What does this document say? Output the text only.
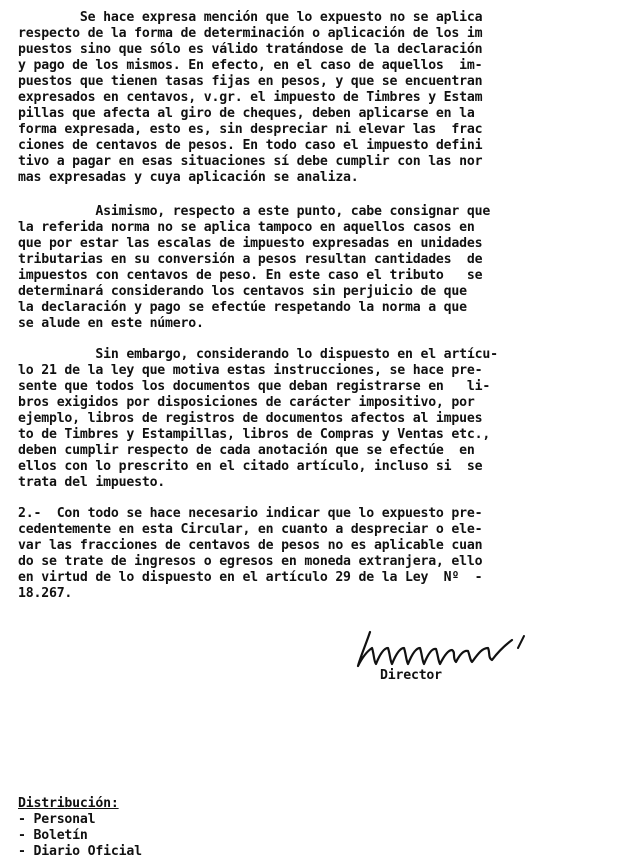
Se hace expresa mención que lo expuesto no se aplica
respecto de la forma de determinación o aplicación de los im
puestos sino que sólo es válido tratándose de la declaración
y pago de los mismos. En efecto, en el caso de aquellos  im-
puestos que tienen tasas fijas en pesos, y que se encuentran
expresados en centavos, v.gr. el impuesto de Timbres y Estam
pillas que afecta al giro de cheques, deben aplicarse en la
forma expresada, esto es, sin despreciar ni elevar las  frac
ciones de centavos de pesos. En todo caso el impuesto defini
tivo a pagar en esas situaciones sí debe cumplir con las nor
mas expresadas y cuya aplicación se analiza.
Asimismo, respecto a este punto, cabe consignar que
la referida norma no se aplica tampoco en aquellos casos en
que por estar las escalas de impuesto expresadas en unidades
tributarias en su conversión a pesos resultan cantidades  de
impuestos con centavos de peso. En este caso el tributo   se
determinará considerando los centavos sin perjuicio de que
la declaración y pago se efectúe respetando la norma a que
se alude en este número.
Sin embargo, considerando lo dispuesto en el artícu-
lo 21 de la ley que motiva estas instrucciones, se hace pre-
sente que todos los documentos que deban registrarse en   li-
bros exigidos por disposiciones de carácter impositivo, por
ejemplo, libros de registros de documentos afectos al impues
to de Timbres y Estampillas, libros de Compras y Ventas etc.,
deben cumplir respecto de cada anotación que se efectúe  en
ellos con lo prescrito en el citado artículo, incluso si  se
trata del impuesto.
2.-  Con todo se hace necesario indicar que lo expuesto pre-
cedentemente en esta Circular, en cuanto a despreciar o ele-
var las fracciones de centavos de pesos no es aplicable cuan
do se trate de ingresos o egresos en moneda extranjera, ello
en virtud de lo dispuesto en el artículo 29 de la Ley  Nº  -
18.267.
Director
Distribución:
- Personal
- Boletín
- Diario Oficial
